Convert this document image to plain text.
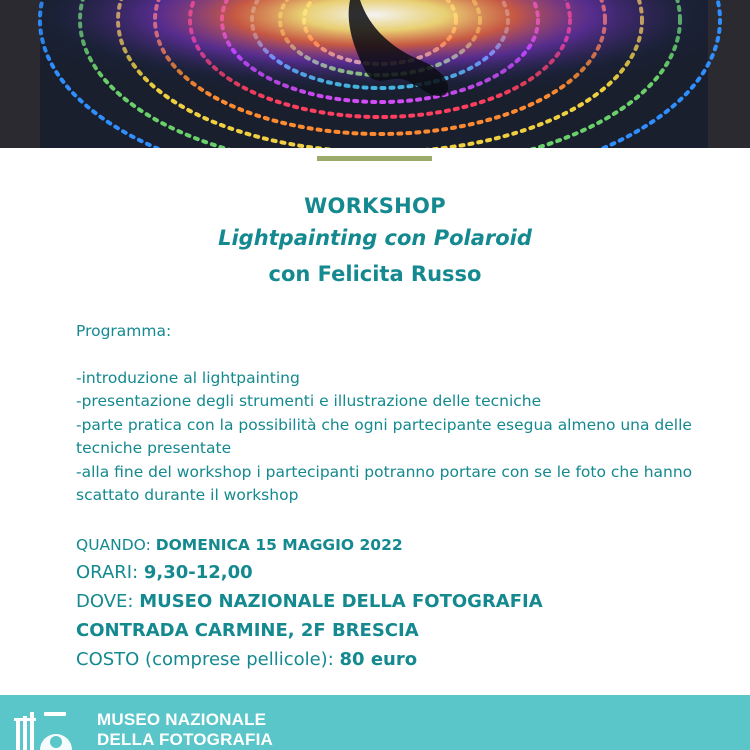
WORKSHOP
Lightpainting con Polaroid
con Felicita Russo
Programma:
-introduzione al lightpainting
-presentazione degli strumenti e illustrazione delle tecniche
-parte pratica con la possibilità che ogni partecipante esegua almeno una delle tecniche presentate
-alla fine del workshop i partecipanti potranno portare con se le foto che hanno scattato durante il workshop
QUANDO: DOMENICA 15 MAGGIO 2022
ORARI: 9,30-12,00
DOVE: MUSEO NAZIONALE DELLA FOTOGRAFIA
CONTRADA CARMINE, 2F BRESCIA
COSTO (comprese pellicole): 80 euro
MUSEO NAZIONALE
DELLA FOTOGRAFIA
